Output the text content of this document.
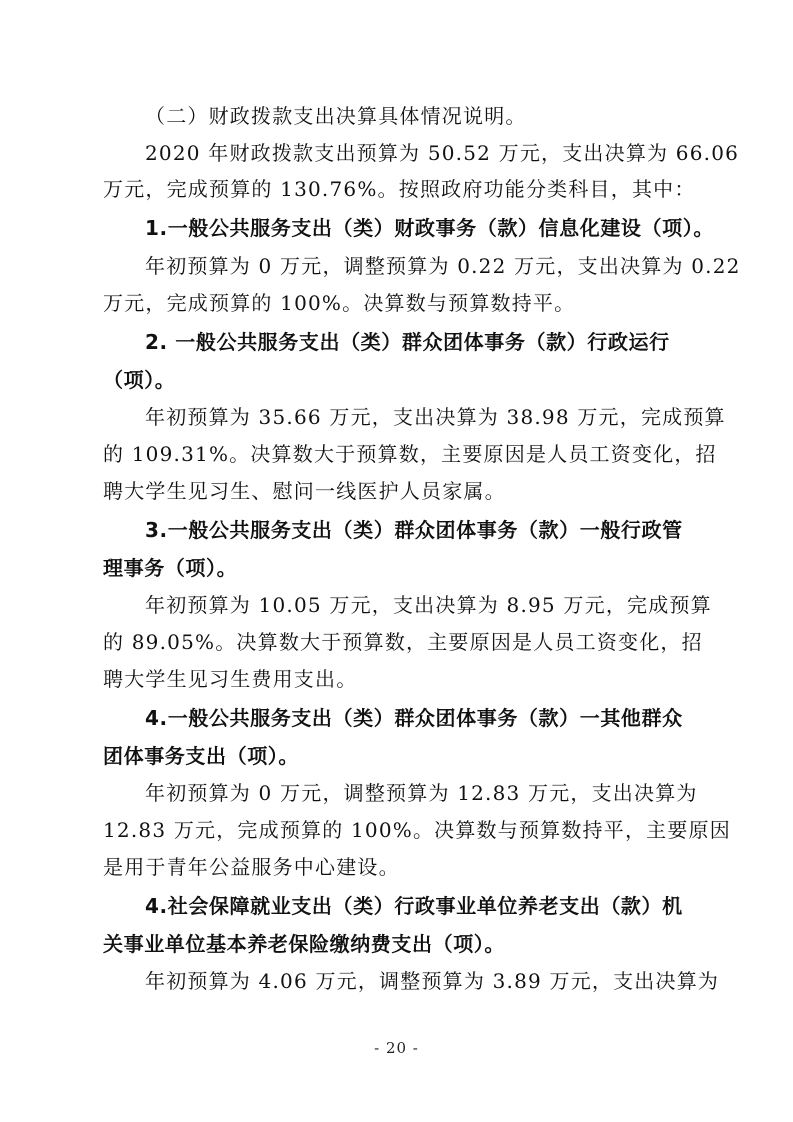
（二）财政拨款支出决算具体情况说明。
2020 年财政拨款支出预算为 50.52 万元，支出决算为 66.06
万元，完成预算的 130.76%。按照政府功能分类科目，其中：
1.一般公共服务支出（类）财政事务（款）信息化建设（项）。
年初预算为 0 万元，调整预算为 0.22 万元，支出决算为 0.22
万元，完成预算的 100%。决算数与预算数持平。
2. 一般公共服务支出（类）群众团体事务（款）行政运行
（项）。
年初预算为 35.66 万元，支出决算为 38.98 万元，完成预算
的 109.31%。决算数大于预算数，主要原因是人员工资变化，招
聘大学生见习生、慰问一线医护人员家属。
3.一般公共服务支出（类）群众团体事务（款）一般行政管
理事务（项）。
年初预算为 10.05 万元，支出决算为 8.95 万元，完成预算
的 89.05%。决算数大于预算数，主要原因是人员工资变化，招
聘大学生见习生费用支出。
4.一般公共服务支出（类）群众团体事务（款）一其他群众
团体事务支出（项）。
年初预算为 0 万元，调整预算为 12.83 万元，支出决算为
12.83 万元，完成预算的 100%。决算数与预算数持平，主要原因
是用于青年公益服务中心建设。
4.社会保障就业支出（类）行政事业单位养老支出（款）机
关事业单位基本养老保险缴纳费支出（项）。
年初预算为 4.06 万元，调整预算为 3.89 万元，支出决算为
- 20 -
